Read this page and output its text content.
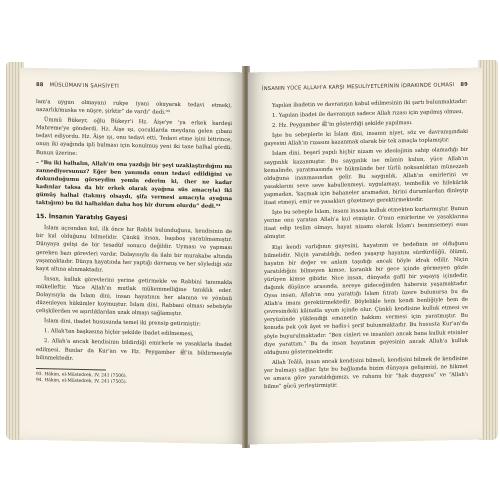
88 MÜSLÜMAN'IN ŞAHSİYETİ

lam'a uygun olmayan) rukye (yani okuyarak tedavi etmek), nazarlık/muska ve nüşre, şirktir” de vardı” dedi.⁹³

Ümmü Bükeyr, oğlu Bükeyr'i Hz. Âişe'ye 'ya erkek kardeşi Mahreme'ye gönderdi. Hz. Âişe ışı, çocuklarda meydana gelen çıbanı tedavi ediyordu. Hz. Âişe ışı, onu tedavi etti. Tedavi etme işini bitirince, onun iki ayağında ipli bulması için konulmuş yeni iki tane halhal gördü. Bunun üzerine:

– “Bu iki halhalın, Allah'ın ona yazdığı bir şeyi uzaklaştırdığını mı zannediyorsunuz? Eğer ben yanımda onun tedavi edildiğini ve dokunduğumu görseydim yemin ederim ki, (her ne kadar kadınlar taksa da bir erkek olarak ayağına süs amacıyla) iki gümüş halhal (takmış olsaydı, şifa vermesi amacıyla ayağına taktığım) bu iki halhaldan daha hoş bir durum olurdu” dedi.⁹⁴

15. İnsanın Yaratılış Gayesi

İslam açısından kul, ilk önce hır Rabbi bulunduğunu, kendisinin de bir kul olduğunu bilmelidir. Çünkü insan, başıboş yaratılmamıştır. Dünyaya gelişi de bir tesadüf sonucu değildir. Uyması ve yapması gereken bazı görevleri vardır. Dolayısıyla da ilahi bir murakabe altında yaşamaktadır. Dünya hayatında her yaptığı davranış ve her söylediği söz kayıt altına alınmaktadır.

İnsan, kulluk görevlerini yerine getirmekle ve Rabbini tanımakla mükelleftir. Yüce Allah'ın mutlak mükemmelliğine tanıklık eder. Dolayısıyla da İslam dini, insan hayatının her alanına ve yönünü düzenleyen hükümler koymuştur. İslam dini, Rabbani olması sebebiyle çelişkilerden ve aşırılıklardan uzak olmayı sağlamıştır.

İslam dini, ibadet hususunda temel iki prensip getirmiştir:

1. Allah'tan başkasına hiçbir şekilde ibadet edilmemesi,

2. Allah'a ancak kendisinin bildirdiği emirlerle ve yasaklarla ibadet edilmesi. Bunlar da Kur'an ve Hz. Peygamber ﷺ'in bildirmesiyle bilinmektedir.

93. Hâkim, el-Müstedrek, IV, 241 (7506).

94. Hâkim, el-Müstedrek, IV, 241 (7505).

İNSANIN YÜCE ALLAH'A KARŞI MESULİYETLERİNİN İDRAKINDE OLMASI 89

Yapılan ibadetin ve davranışın kabul edilmesinin iki şartı bulunmaktadır:

1. Yapılan ibadet ile davranışın sadece Allah rızası için yapılmış olması,

2. Hz. Peygamber ﷺ'in gösterdiği şekilde yapılması.

İşte bu sebeplerle ki İslam dini, insanın niyet, söz ve davranışındaki gayesini Allah'ın rızasını kazanmak olarak bir tek amaçla toplamıştır.

İslam dini, beşerî yapılı hiçbir nizam ve ideolojinin sahip olamadığı bir saygınlık kazanmıştır. Bu saygınlık ise mümin kulun, yüce Allah'ın kemalinde, yaratmasında ve hükmünde her türlü noksanlıktan münezzeh olduğuna inanmasından gelir. Bu saygınlık, Allah'ın emirlerini ve yasaklarını seve seve kabullenmeyi, uygulamayı, tembellik ve hilekârlık yapmadan, 'kaçmak için bahaneler aramadan, birini durumlardan dinleyip itaat etmeyi, emir ve yasakları gözetmeyi gerektirmektedir.

İşte bu sebeple İslam, insanı insana kulluk etmekten kurtarmıştır. Bunun yerine onu yaratan Allah'a kul etmiştir. O'nun emirlerine ve yasaklarına itaat edip teslim olmayı, hayat nizamı olarak İslam'ı benimsemeyi esas almıştır.

Kişi kendi varlığının gayesini, hayatının ve hedefinin ne olduğunu bilmelidir. Niçin yaratıldığı, neden yaşayıp hayatını sürdürdüğü, ölümü, hayatın bir değer ve anlam taşıdığı ancak böyle idrak edilir. Niçin yaratıldığını bilmeyen kimse, karanlık bir gece içinde görmeyen gözle yürüyen kimse gibidir. Nice insan, dünyada gafil bir yaşayış içindedir, dağınık düşünce arasında, nereye gideceğinden habersiz yaşamaktadır. Oysa insan, Allah'ın onu yarattığı İslam fıtratı üzere bulunursa bu da Allah'a imanı gerektirmektedir. Böylelikle hem kendi benliğiyle hem de çevresindeki kâinatla uyum içinde olur. Çünkü kendisine kulluk etmesi ve yeryüzünde yüklendiği emanetin hakkını vermesi için yaratmıştır. Bu konuda pek çok âyet ve hadis-i şerif bulunmaktadır. Bu hususta Kur'an'da şöyle buyurulmaktadır: “Ben cinleri ve insanları ancak bana kulluk etsinler diye yarattım.” Bu da insan hayatının gayesinin ancak Allah'a kulluk olduğunu göstermektedir.

Allah Teâlâ, insan ancak kendisini bilmeli, kendisini bilmek de kendisine yer bulmayı sağlar. İşte bu bağlamda bizim dünyaya gelişimizi, ne hikmet ve amaca göre yaratıldığımızı, ve ruhunu bir “hak duygusu” ve “Allah'ı bilme” gücü yerleştirmiştir.
